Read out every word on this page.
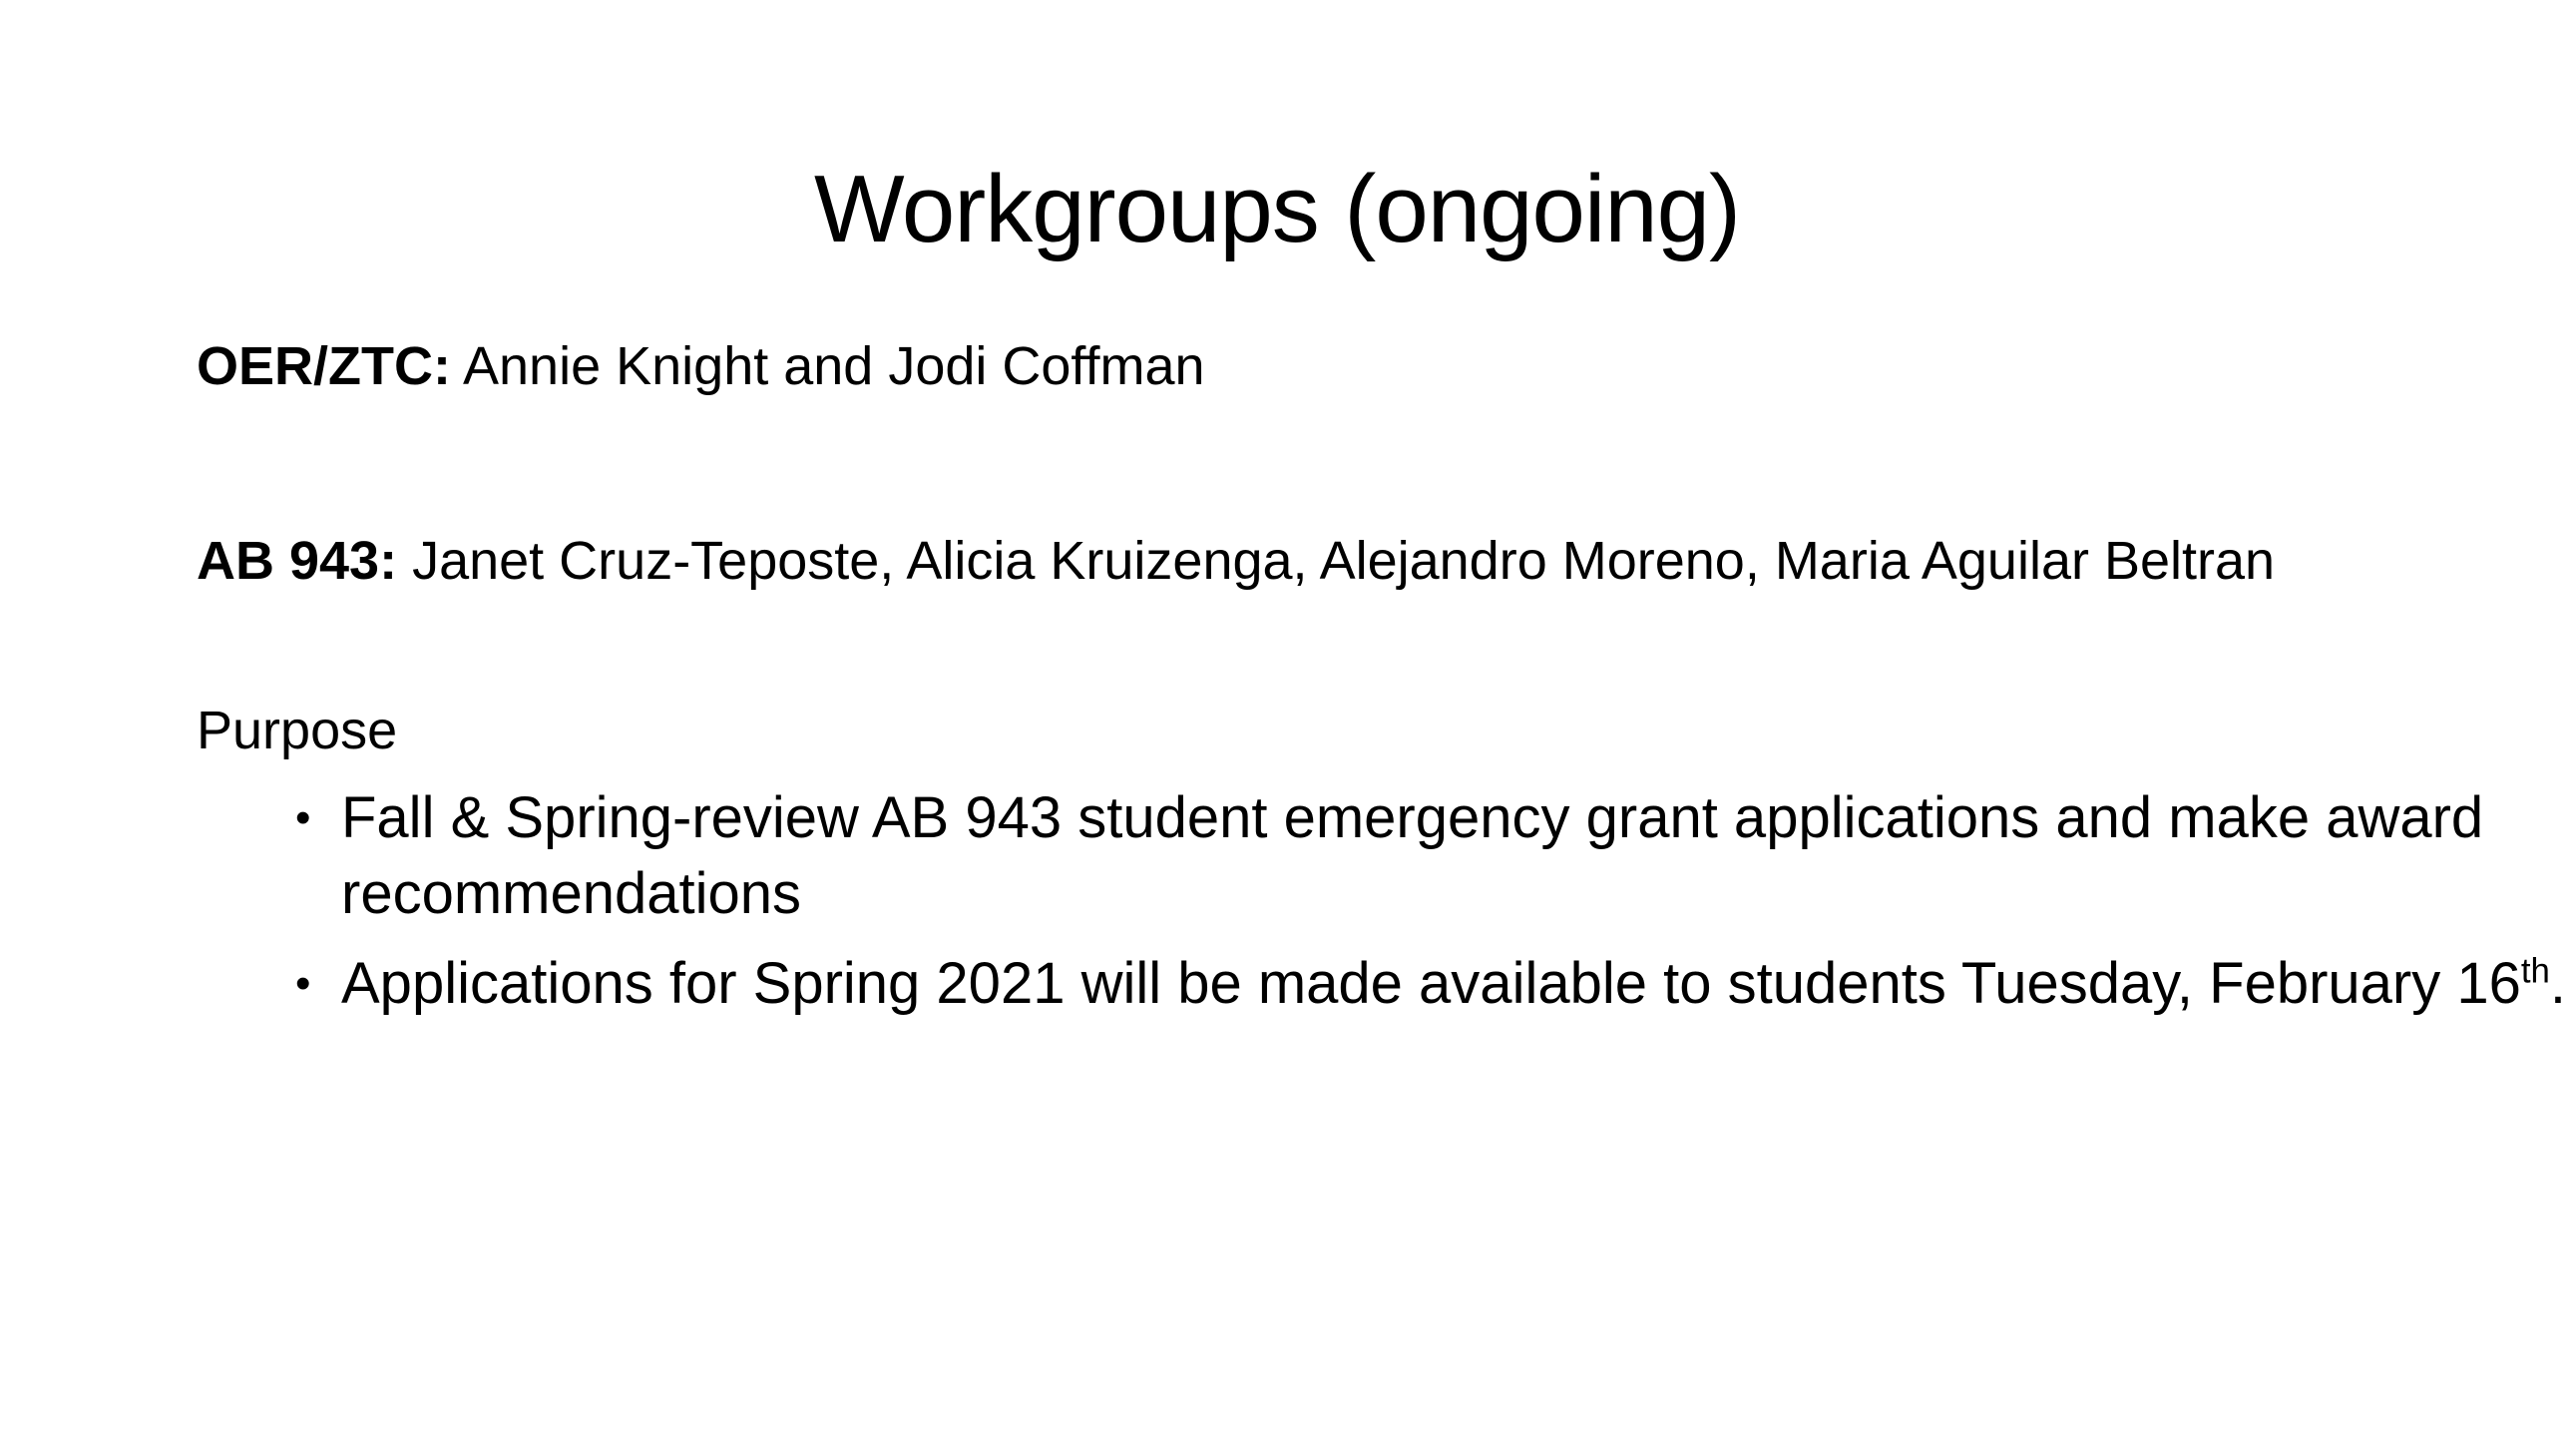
Workgroups (ongoing)

OER/ZTC: Annie Knight and Jodi Coffman

AB 943: Janet Cruz-Teposte, Alicia Kruizenga, Alejandro Moreno, Maria Aguilar Beltran

Purpose

• Fall & Spring-review AB 943 student emergency grant applications and make award recommendations
• Applications for Spring 2021 will be made available to students Tuesday, February 16th.
